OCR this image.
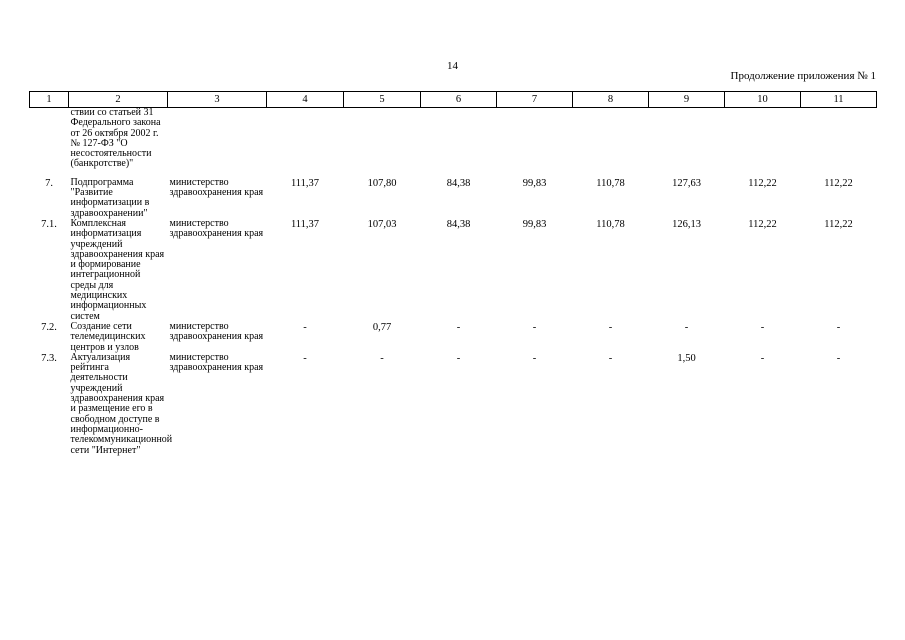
14
Продолжение приложения № 1
1	2	3	4	5	6	7	8	9	10	11
	ствии со статьей 31 Федерального закона от 26 октября 2002 г. № 127-ФЗ "О несостоятельности (банкротстве)"									
7.	Подпрограмма "Развитие информатизации в здравоохранении"	министерство здравоохранения края	111,37	107,80	84,38	99,83	110,78	127,63	112,22	112,22
7.1.	Комплексная информатизация учреждений здравоохранения края и формирование интеграционной среды для медицинских информационных систем	министерство здравоохранения края	111,37	107,03	84,38	99,83	110,78	126,13	112,22	112,22
7.2.	Создание сети телемедицинских центров и узлов	министерство здравоохранения края	-	0,77	-	-	-	-	-	-
7.3.	Актуализация рейтинга деятельности учреждений здравоохранения края и размещение его в свободном доступе в информационно-телекоммуникационной сети "Интернет"	министерство здравоохранения края	-	-	-	-	-	1,50	-	-
